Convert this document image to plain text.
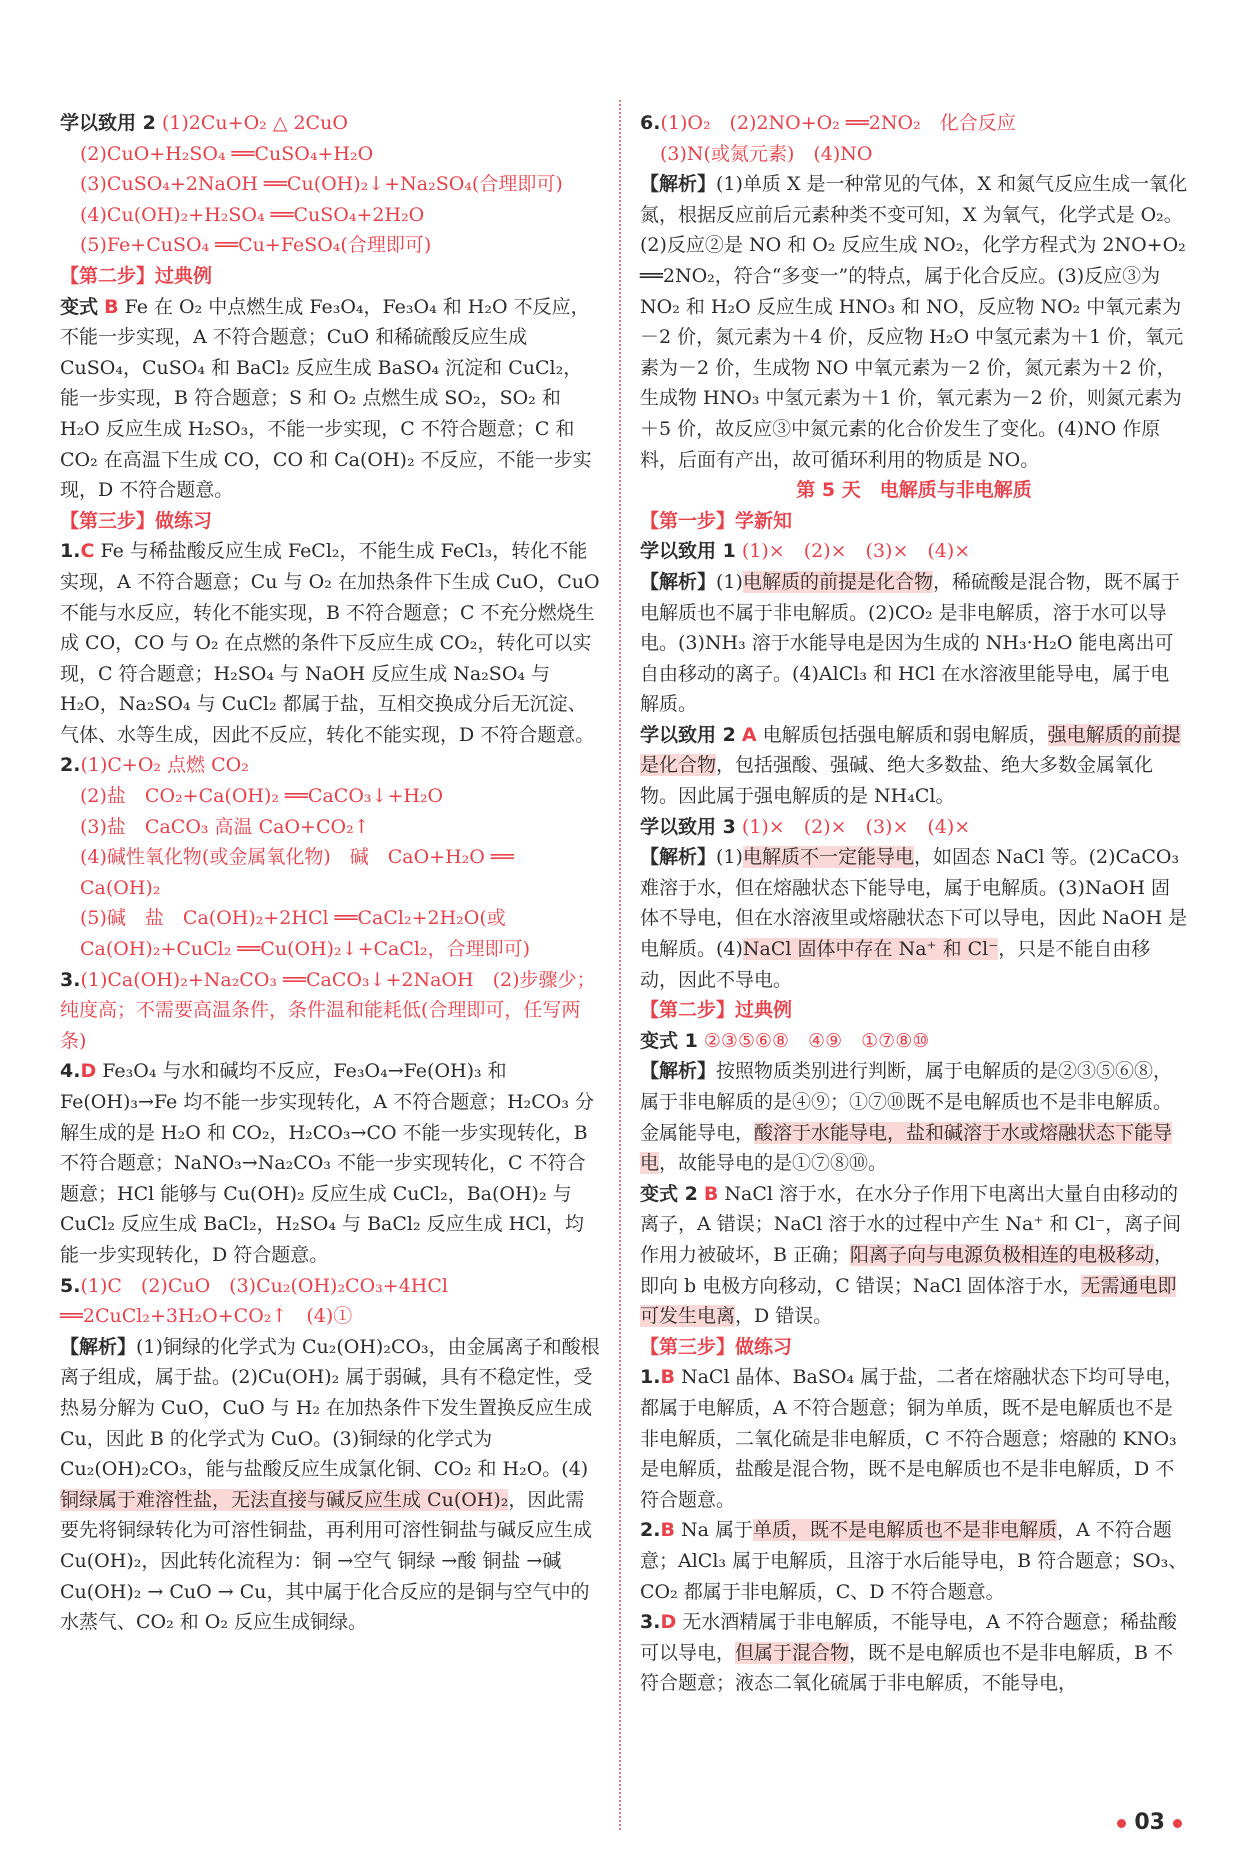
学以致用 2 (1)2Cu+O₂ △ 2CuO

(2)CuO+H₂SO₄ ══CuSO₄+H₂O

(3)CuSO₄+2NaOH ══Cu(OH)₂↓+Na₂SO₄(合理即可)

(4)Cu(OH)₂+H₂SO₄ ══CuSO₄+2H₂O

(5)Fe+CuSO₄ ══Cu+FeSO₄(合理即可)

【第二步】过典例

变式 B Fe 在 O₂ 中点燃生成 Fe₃O₄，Fe₃O₄ 和 H₂O 不反应，不能一步实现，A 不符合题意；CuO 和稀硫酸反应生成 CuSO₄，CuSO₄ 和 BaCl₂ 反应生成 BaSO₄ 沉淀和 CuCl₂，能一步实现，B 符合题意；S 和 O₂ 点燃生成 SO₂，SO₂ 和 H₂O 反应生成 H₂SO₃，不能一步实现，C 不符合题意；C 和 CO₂ 在高温下生成 CO，CO 和 Ca(OH)₂ 不反应，不能一步实现，D 不符合题意。

【第三步】做练习

1.C Fe 与稀盐酸反应生成 FeCl₂，不能生成 FeCl₃，转化不能实现，A 不符合题意；Cu 与 O₂ 在加热条件下生成 CuO，CuO 不能与水反应，转化不能实现，B 不符合题意；C 不充分燃烧生成 CO，CO 与 O₂ 在点燃的条件下反应生成 CO₂，转化可以实现，C 符合题意；H₂SO₄ 与 NaOH 反应生成 Na₂SO₄ 与 H₂O，Na₂SO₄ 与 CuCl₂ 都属于盐，互相交换成分后无沉淀、气体、水等生成，因此不反应，转化不能实现，D 不符合题意。

2.(1)C+O₂ 点燃 CO₂

(2)盐　CO₂+Ca(OH)₂ ══CaCO₃↓+H₂O

(3)盐　CaCO₃ 高温 CaO+CO₂↑

(4)碱性氧化物(或金属氧化物)　碱　CaO+H₂O ══ Ca(OH)₂

(5)碱　盐　Ca(OH)₂+2HCl ══CaCl₂+2H₂O(或 Ca(OH)₂+CuCl₂ ══Cu(OH)₂↓+CaCl₂，合理即可)

3.(1)Ca(OH)₂+Na₂CO₃ ══CaCO₃↓+2NaOH　(2)步骤少；纯度高；不需要高温条件，条件温和能耗低(合理即可，任写两条)

4.D Fe₃O₄ 与水和碱均不反应，Fe₃O₄→Fe(OH)₃ 和 Fe(OH)₃→Fe 均不能一步实现转化，A 不符合题意；H₂CO₃ 分解生成的是 H₂O 和 CO₂，H₂CO₃→CO 不能一步实现转化，B 不符合题意；NaNO₃→Na₂CO₃ 不能一步实现转化，C 不符合题意；HCl 能够与 Cu(OH)₂ 反应生成 CuCl₂，Ba(OH)₂ 与 CuCl₂ 反应生成 BaCl₂，H₂SO₄ 与 BaCl₂ 反应生成 HCl，均能一步实现转化，D 符合题意。

5.(1)C　(2)CuO　(3)Cu₂(OH)₂CO₃+4HCl ══2CuCl₂+3H₂O+CO₂↑　(4)①

【解析】(1)铜绿的化学式为 Cu₂(OH)₂CO₃，由金属离子和酸根离子组成，属于盐。(2)Cu(OH)₂ 属于弱碱，具有不稳定性，受热易分解为 CuO，CuO 与 H₂ 在加热条件下发生置换反应生成 Cu，因此 B 的化学式为 CuO。(3)铜绿的化学式为 Cu₂(OH)₂CO₃，能与盐酸反应生成氯化铜、CO₂ 和 H₂O。(4)铜绿属于难溶性盐，无法直接与碱反应生成 Cu(OH)₂，因此需要先将铜绿转化为可溶性铜盐，再利用可溶性铜盐与碱反应生成 Cu(OH)₂，因此转化流程为：铜 →空气 铜绿 →酸 铜盐 →碱 Cu(OH)₂ → CuO → Cu，其中属于化合反应的是铜与空气中的水蒸气、CO₂ 和 O₂ 反应生成铜绿。

6.(1)O₂　(2)2NO+O₂ ══2NO₂　化合反应

(3)N(或氮元素)　(4)NO

【解析】(1)单质 X 是一种常见的气体，X 和氮气反应生成一氧化氮，根据反应前后元素种类不变可知，X 为氧气，化学式是 O₂。(2)反应②是 NO 和 O₂ 反应生成 NO₂，化学方程式为 2NO+O₂ ══2NO₂，符合“多变一”的特点，属于化合反应。(3)反应③为 NO₂ 和 H₂O 反应生成 HNO₃ 和 NO，反应物 NO₂ 中氧元素为－2 价，氮元素为＋4 价，反应物 H₂O 中氢元素为＋1 价，氧元素为－2 价，生成物 NO 中氧元素为－2 价，氮元素为＋2 价，生成物 HNO₃ 中氢元素为＋1 价，氧元素为－2 价，则氮元素为＋5 价，故反应③中氮元素的化合价发生了变化。(4)NO 作原料，后面有产出，故可循环利用的物质是 NO。

第 5 天　电解质与非电解质

【第一步】学新知

学以致用 1 (1)×　(2)×　(3)×　(4)×

【解析】(1)电解质的前提是化合物，稀硫酸是混合物，既不属于电解质也不属于非电解质。(2)CO₂ 是非电解质，溶于水可以导电。(3)NH₃ 溶于水能导电是因为生成的 NH₃·H₂O 能电离出可自由移动的离子。(4)AlCl₃ 和 HCl 在水溶液里能导电，属于电解质。

学以致用 2 A 电解质包括强电解质和弱电解质，强电解质的前提是化合物，包括强酸、强碱、绝大多数盐、绝大多数金属氧化物。因此属于强电解质的是 NH₄Cl。

学以致用 3 (1)×　(2)×　(3)×　(4)×

【解析】(1)电解质不一定能导电，如固态 NaCl 等。(2)CaCO₃ 难溶于水，但在熔融状态下能导电，属于电解质。(3)NaOH 固体不导电，但在水溶液里或熔融状态下可以导电，因此 NaOH 是电解质。(4)NaCl 固体中存在 Na⁺ 和 Cl⁻，只是不能自由移动，因此不导电。

【第二步】过典例

变式 1 ②③⑤⑥⑧　④⑨　①⑦⑧⑩

【解析】按照物质类别进行判断，属于电解质的是②③⑤⑥⑧，属于非电解质的是④⑨；①⑦⑩既不是电解质也不是非电解质。金属能导电，酸溶于水能导电，盐和碱溶于水或熔融状态下能导电，故能导电的是①⑦⑧⑩。

变式 2 B NaCl 溶于水，在水分子作用下电离出大量自由移动的离子，A 错误；NaCl 溶于水的过程中产生 Na⁺ 和 Cl⁻，离子间作用力被破坏，B 正确；阳离子向与电源负极相连的电极移动，即向 b 电极方向移动，C 错误；NaCl 固体溶于水，无需通电即可发生电离，D 错误。

【第三步】做练习

1.B NaCl 晶体、BaSO₄ 属于盐，二者在熔融状态下均可导电，都属于电解质，A 不符合题意；铜为单质，既不是电解质也不是非电解质，二氧化硫是非电解质，C 不符合题意；熔融的 KNO₃ 是电解质，盐酸是混合物，既不是电解质也不是非电解质，D 不符合题意。

2.B Na 属于单质，既不是电解质也不是非电解质，A 不符合题意；AlCl₃ 属于电解质，且溶于水后能导电，B 符合题意；SO₃、CO₂ 都属于非电解质，C、D 不符合题意。

3.D 无水酒精属于非电解质，不能导电，A 不符合题意；稀盐酸可以导电，但属于混合物，既不是电解质也不是非电解质，B 不符合题意；液态二氧化硫属于非电解质，不能导电，

03
